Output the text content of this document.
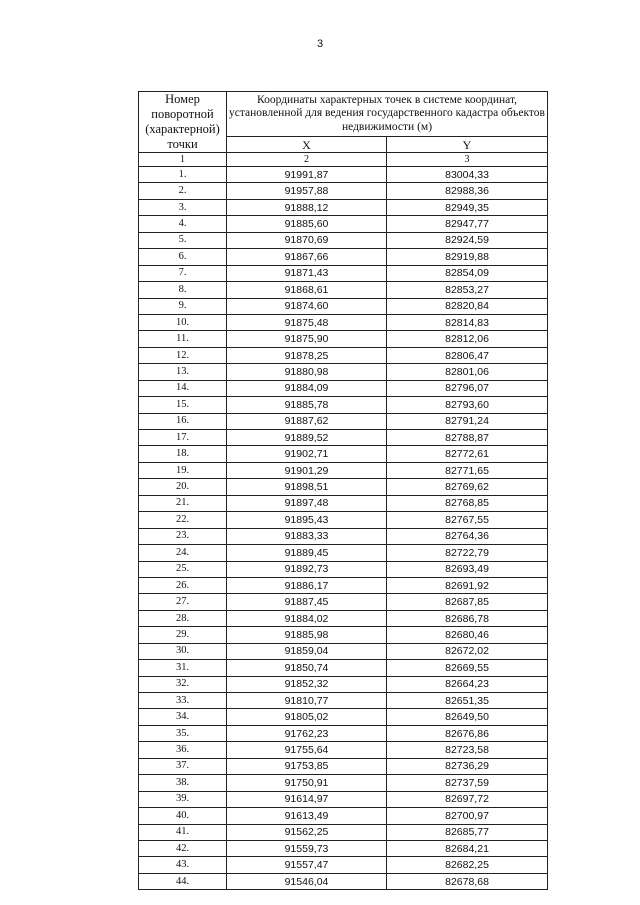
3
Номер поворотной (характерной) точки	Координаты характерных точек в системе координат, установленной для ведения государственного кадастра объектов недвижимости (м)	
	X	Y
1	2	3
1.	91991,87	83004,33
2.	91957,88	82988,36
3.	91888,12	82949,35
4.	91885,60	82947,77
5.	91870,69	82924,59
6.	91867,66	82919,88
7.	91871,43	82854,09
8.	91868,61	82853,27
9.	91874,60	82820,84
10.	91875,48	82814,83
11.	91875,90	82812,06
12.	91878,25	82806,47
13.	91880,98	82801,06
14.	91884,09	82796,07
15.	91885,78	82793,60
16.	91887,62	82791,24
17.	91889,52	82788,87
18.	91902,71	82772,61
19.	91901,29	82771,65
20.	91898,51	82769,62
21.	91897,48	82768,85
22.	91895,43	82767,55
23.	91883,33	82764,36
24.	91889,45	82722,79
25.	91892,73	82693,49
26.	91886,17	82691,92
27.	91887,45	82687,85
28.	91884,02	82686,78
29.	91885,98	82680,46
30.	91859,04	82672,02
31.	91850,74	82669,55
32.	91852,32	82664,23
33.	91810,77	82651,35
34.	91805,02	82649,50
35.	91762,23	82676,86
36.	91755,64	82723,58
37.	91753,85	82736,29
38.	91750,91	82737,59
39.	91614,97	82697,72
40.	91613,49	82700,97
41.	91562,25	82685,77
42.	91559,73	82684,21
43.	91557,47	82682,25
44.	91546,04	82678,68
